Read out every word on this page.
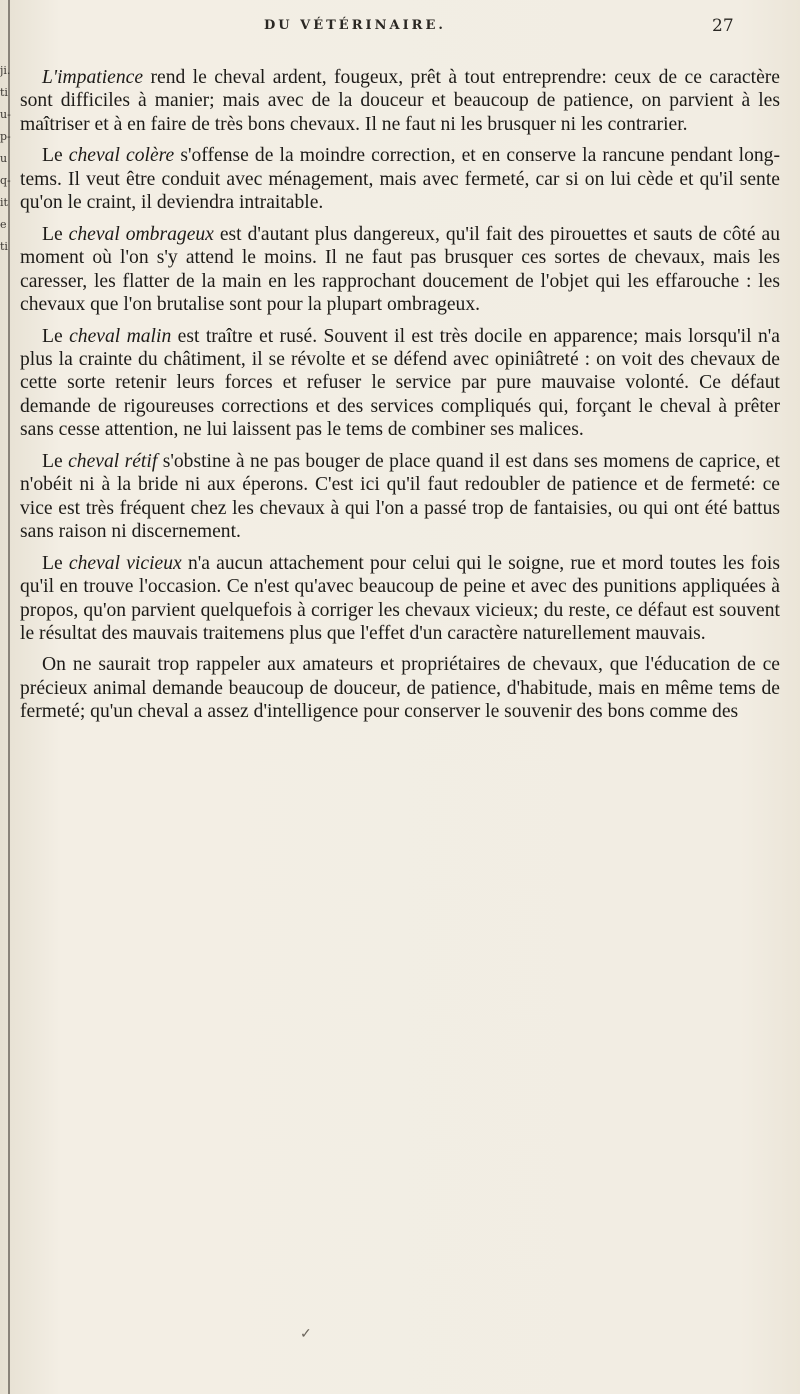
ji.
ti
u-
p-
u
q-
it
e
ti
DU VÉTÉRINAIRE.	27

L'impatience rend le cheval ardent, fougeux, prêt à tout entreprendre: ceux de ce caractère sont difficiles à manier; mais avec de la douceur et beaucoup de patience, on parvient à les maîtriser et à en faire de très bons chevaux. Il ne faut ni les brusquer ni les contrarier.

Le cheval colère s'offense de la moindre correction, et en conserve la rancune pendant long-tems. Il veut être conduit avec ménagement, mais avec fermeté, car si on lui cède et qu'il sente qu'on le craint, il deviendra intraitable.

Le cheval ombrageux est d'autant plus dangereux, qu'il fait des pirouettes et sauts de côté au moment où l'on s'y attend le moins. Il ne faut pas brusquer ces sortes de chevaux, mais les caresser, les flatter de la main en les rapprochant doucement de l'objet qui les effarouche : les chevaux que l'on brutalise sont pour la plupart ombrageux.

Le cheval malin est traître et rusé. Souvent il est très docile en apparence; mais lorsqu'il n'a plus la crainte du châtiment, il se révolte et se défend avec opiniâtreté : on voit des chevaux de cette sorte retenir leurs forces et refuser le service par pure mauvaise volonté. Ce défaut demande de rigoureuses corrections et des services compliqués qui, forçant le cheval à prêter sans cesse attention, ne lui laissent pas le tems de combiner ses malices.

Le cheval rétif s'obstine à ne pas bouger de place quand il est dans ses momens de caprice, et n'obéit ni à la bride ni aux éperons. C'est ici qu'il faut redoubler de patience et de fermeté: ce vice est très fréquent chez les chevaux à qui l'on a passé trop de fantaisies, ou qui ont été battus sans raison ni discernement.

Le cheval vicieux n'a aucun attachement pour celui qui le soigne, rue et mord toutes les fois qu'il en trouve l'occasion. Ce n'est qu'avec beaucoup de peine et avec des punitions appliquées à propos, qu'on parvient quelquefois à corriger les chevaux vicieux; du reste, ce défaut est souvent le résultat des mauvais traitemens plus que l'effet d'un caractère naturellement mauvais.

On ne saurait trop rappeler aux amateurs et propriétaires de chevaux, que l'éducation de ce précieux animal demande beaucoup de douceur, de patience, d'habitude, mais en même tems de fermeté; qu'un cheval a assez d'intelligence pour conserver le souvenir des bons comme des

✓
